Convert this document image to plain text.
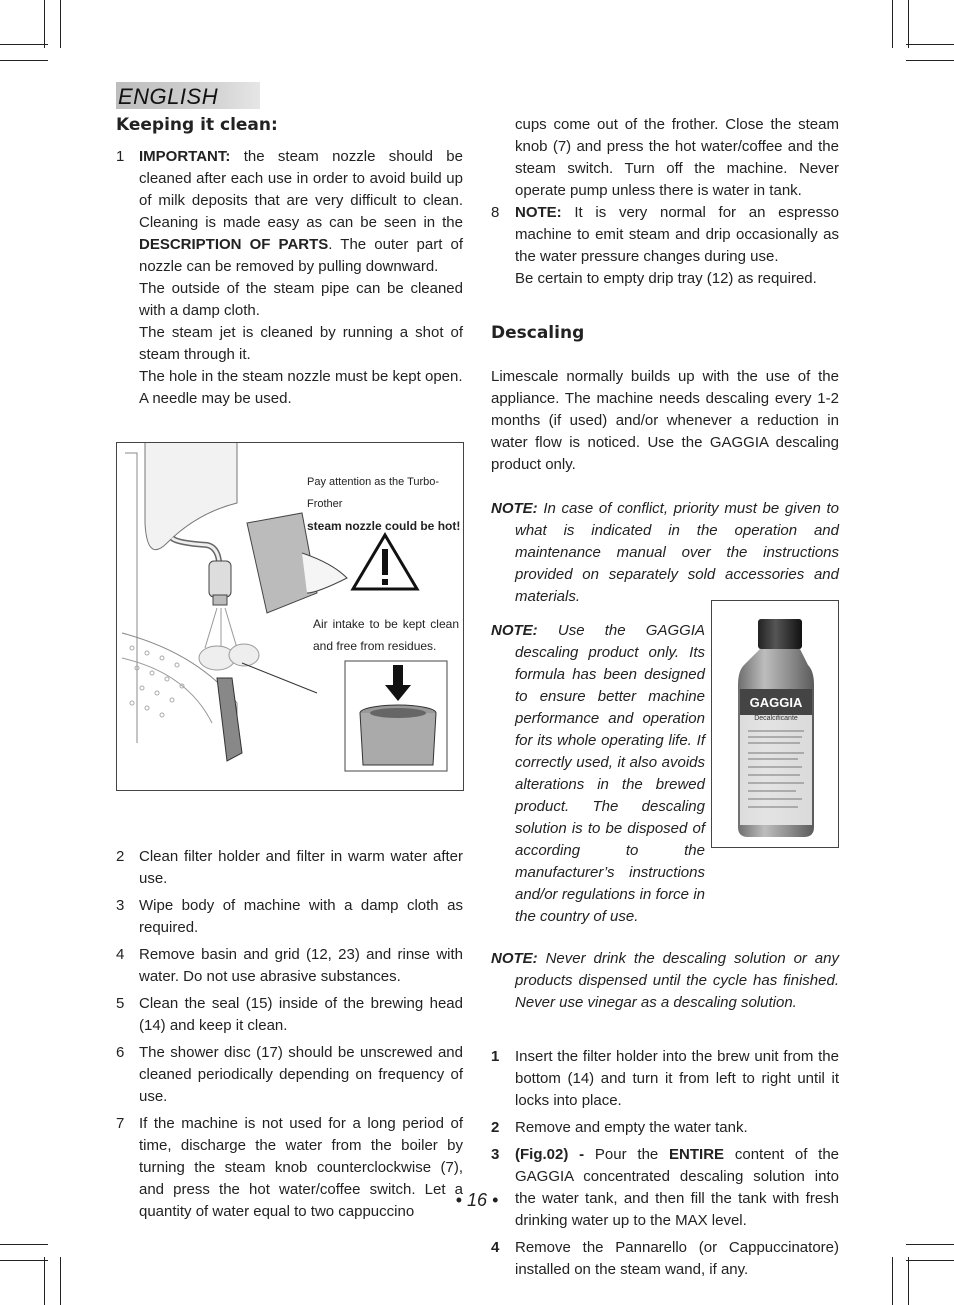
ENGLISH

Keeping it clean:

1 IMPORTANT: the steam nozzle should be cleaned after each use in order to avoid build up of milk deposits that are very difficult to clean. Cleaning is made easy as can be seen in the DESCRIPTION OF PARTS. The outer part of nozzle can be removed by pulling downward.

The outside of the steam pipe can be cleaned with a damp cloth.

The steam jet is cleaned by running a shot of steam through it.

The hole in the steam nozzle must be kept open. A needle may be used.

Pay attention as the Turbo-Frother
steam nozzle could be hot!
Air intake to be kept clean and free from residues.
2 Clean filter holder and filter in warm water after use.

3 Wipe body of machine with a damp cloth as required.

4 Remove basin and grid (12, 23) and rinse with water. Do not use abrasive substances.

5 Clean the seal (15) inside of the brewing head (14) and keep it clean.

6 The shower disc (17) should be unscrewed and cleaned periodically depending on frequency of use.

7 If the machine is not used for a long period of time, discharge the water from the boiler by turning the steam knob counterclockwise (7), and press the hot water/coffee switch. Let a quantity of water equal to two cappuccino

cups come out of the frother. Close the steam knob (7) and press the hot water/coffee and the steam switch. Turn off the machine. Never operate pump unless there is water in tank.

8 NOTE: It is very normal for an espresso machine to emit steam and drip occasionally as the water pressure changes during use.

Be certain to empty drip tray (12) as required.

Descaling

Limescale normally builds up with the use of the appliance. The machine needs descaling every 1-2 months (if used) and/or whenever a reduction in water flow is noticed. Use the GAGGIA descaling product only.

NOTE: In case of conflict, priority must be given to what is indicated in the operation and maintenance manual over the instructions provided on separately sold accessories and materials.

NOTE: Use the GAGGIA descaling product only. Its formula has been designed to ensure better machine performance and operation for its whole operating life. If correctly used, it also avoids alterations in the brewed product. The descaling solution is to be disposed of according to the manufacturer’s instructions and/or regulations in force in the country of use.

NOTE: Never drink the descaling solution or any products dispensed until the cycle has finished. Never use vinegar as a descaling solution.

1 Insert the filter holder into the brew unit from the bottom (14) and turn it from left to right until it locks into place.

2 Remove and empty the water tank.

3 (Fig.02) - Pour the ENTIRE content of the GAGGIA concentrated descaling solution into the water tank, and then fill the tank with fresh drinking water up to the MAX level.

4 Remove the Pannarello (or Cappuccinatore) installed on the steam wand, if any.

GAGGIA
Decalcificante
• 16 •
